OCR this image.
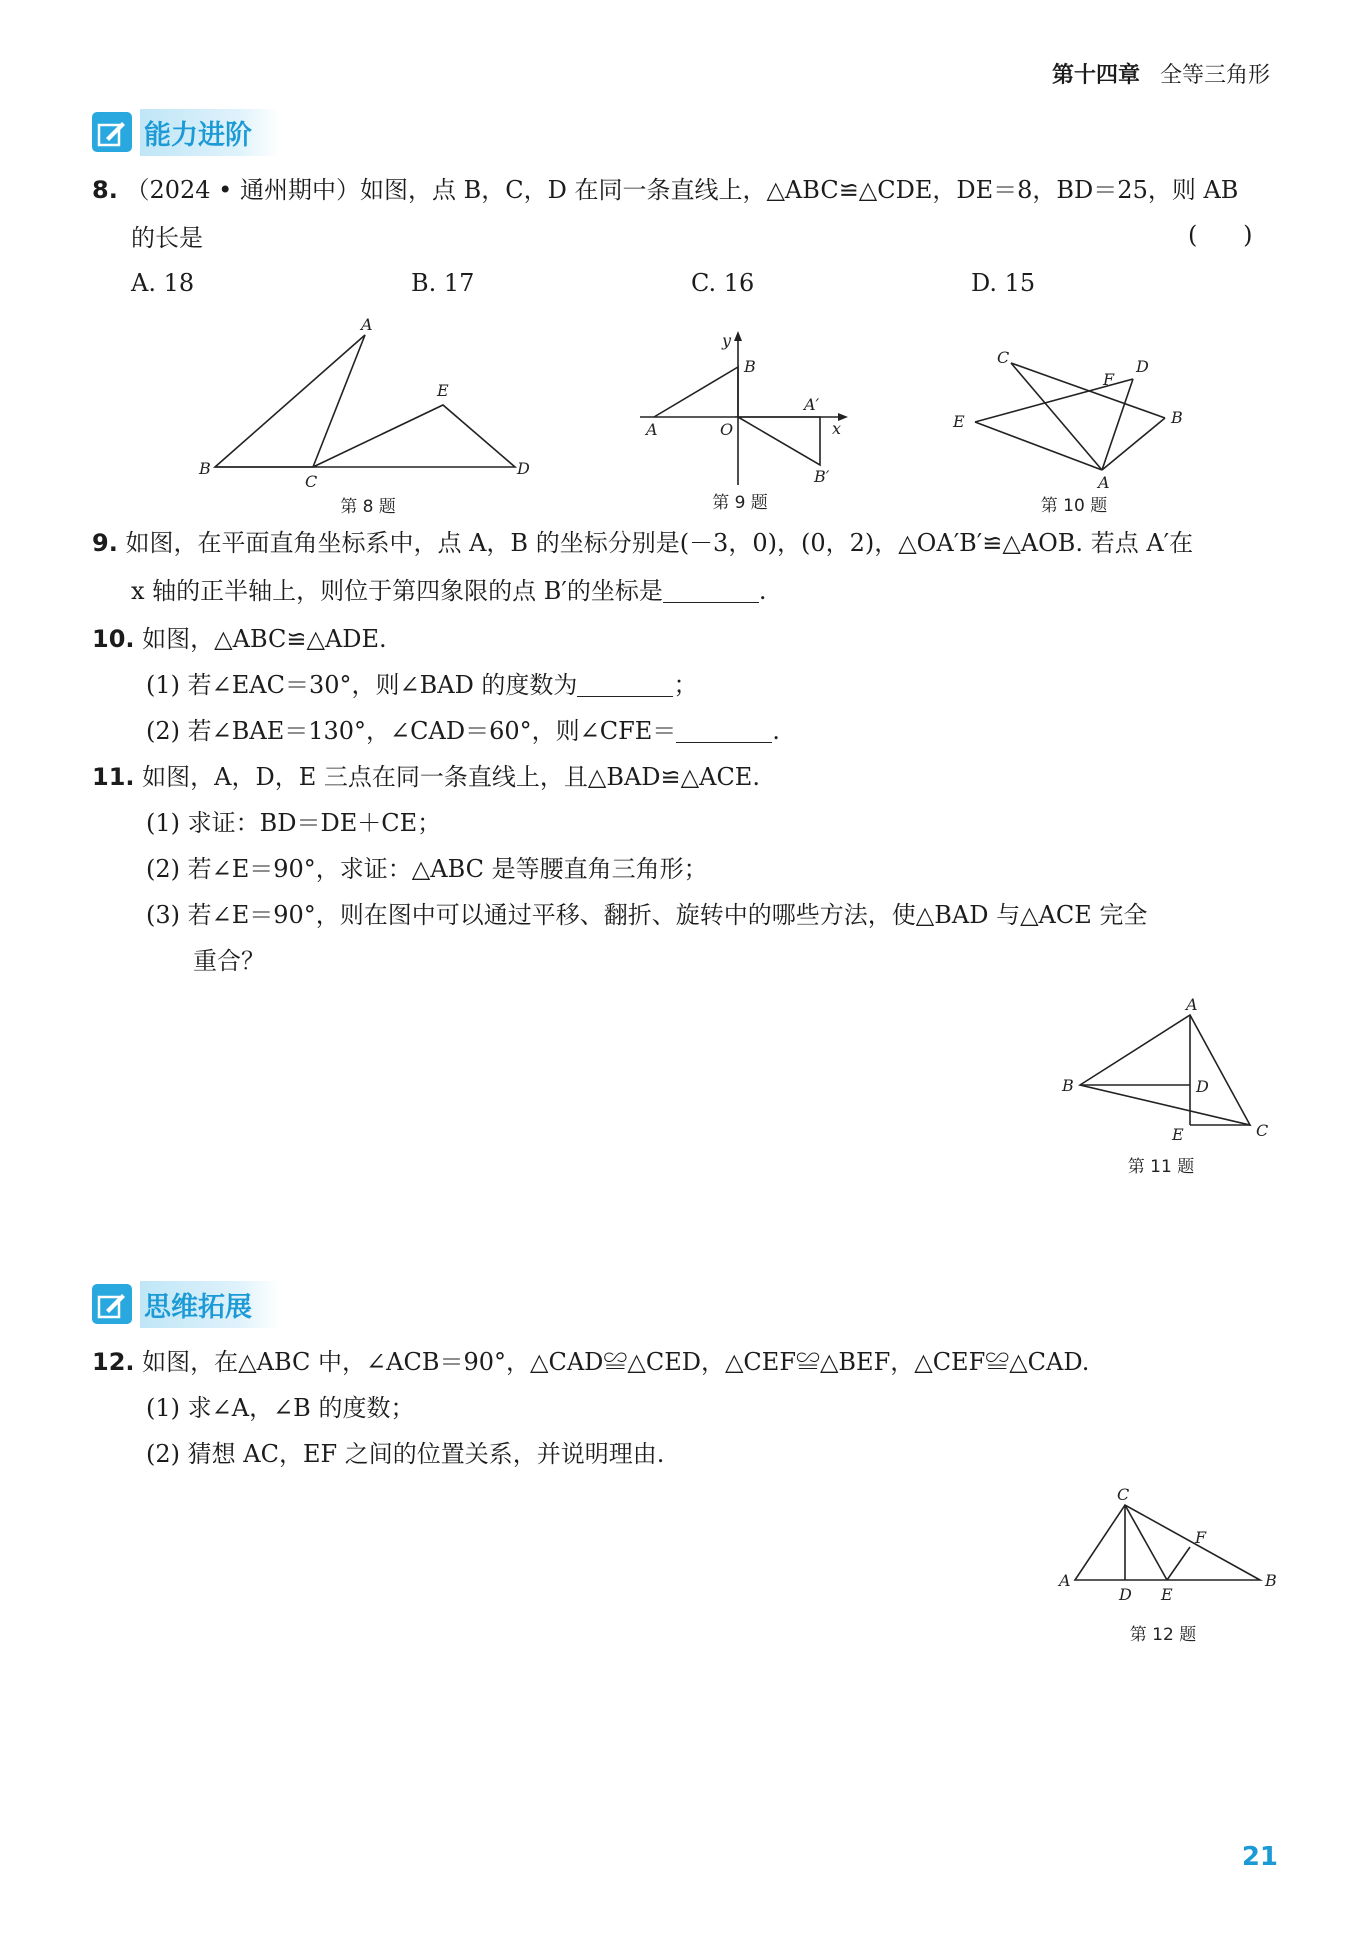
第十四章 全等三角形
能力进阶
8. （2024 • 通州期中）如图，点 B，C，D 在同一条直线上，△ABC≌△CDE，DE＝8，BD＝25，则 AB
的长是	(      )
A. 18	B. 17	C. 16	D. 15
A
B
C
D
E
第 8 题
y
x
B
A	O
A′
B′
第 9 题
C	D
F
E	B
A
第 10 题
9. 如图，在平面直角坐标系中，点 A，B 的坐标分别是(－3，0)，(0，2)，△OA′B′≌△AOB. 若点 A′在
x 轴的正半轴上，则位于第四象限的点 B′的坐标是	.
10. 如图，△ABC≌△ADE.
(1) 若∠EAC＝30°，则∠BAD 的度数为	；
(2) 若∠BAE＝130°，∠CAD＝60°，则∠CFE＝	.
11. 如图，A，D，E 三点在同一条直线上，且△BAD≌△ACE.
(1) 求证：BD＝DE＋CE；
(2) 若∠E＝90°，求证：△ABC 是等腰直角三角形；
(3) 若∠E＝90°，则在图中可以通过平移、翻折、旋转中的哪些方法，使△BAD 与△ACE 完全
重合？
A
B	D
E	C
第 11 题
思维拓展
12. 如图，在△ABC 中，∠ACB＝90°，△CAD≌△CED，△CEF≌△BEF，△CEF≌△CAD.
(1) 求∠A，∠B 的度数；
(2) 猜想 AC，EF 之间的位置关系，并说明理由.
C
F
A
D E
B
第 12 题
21
